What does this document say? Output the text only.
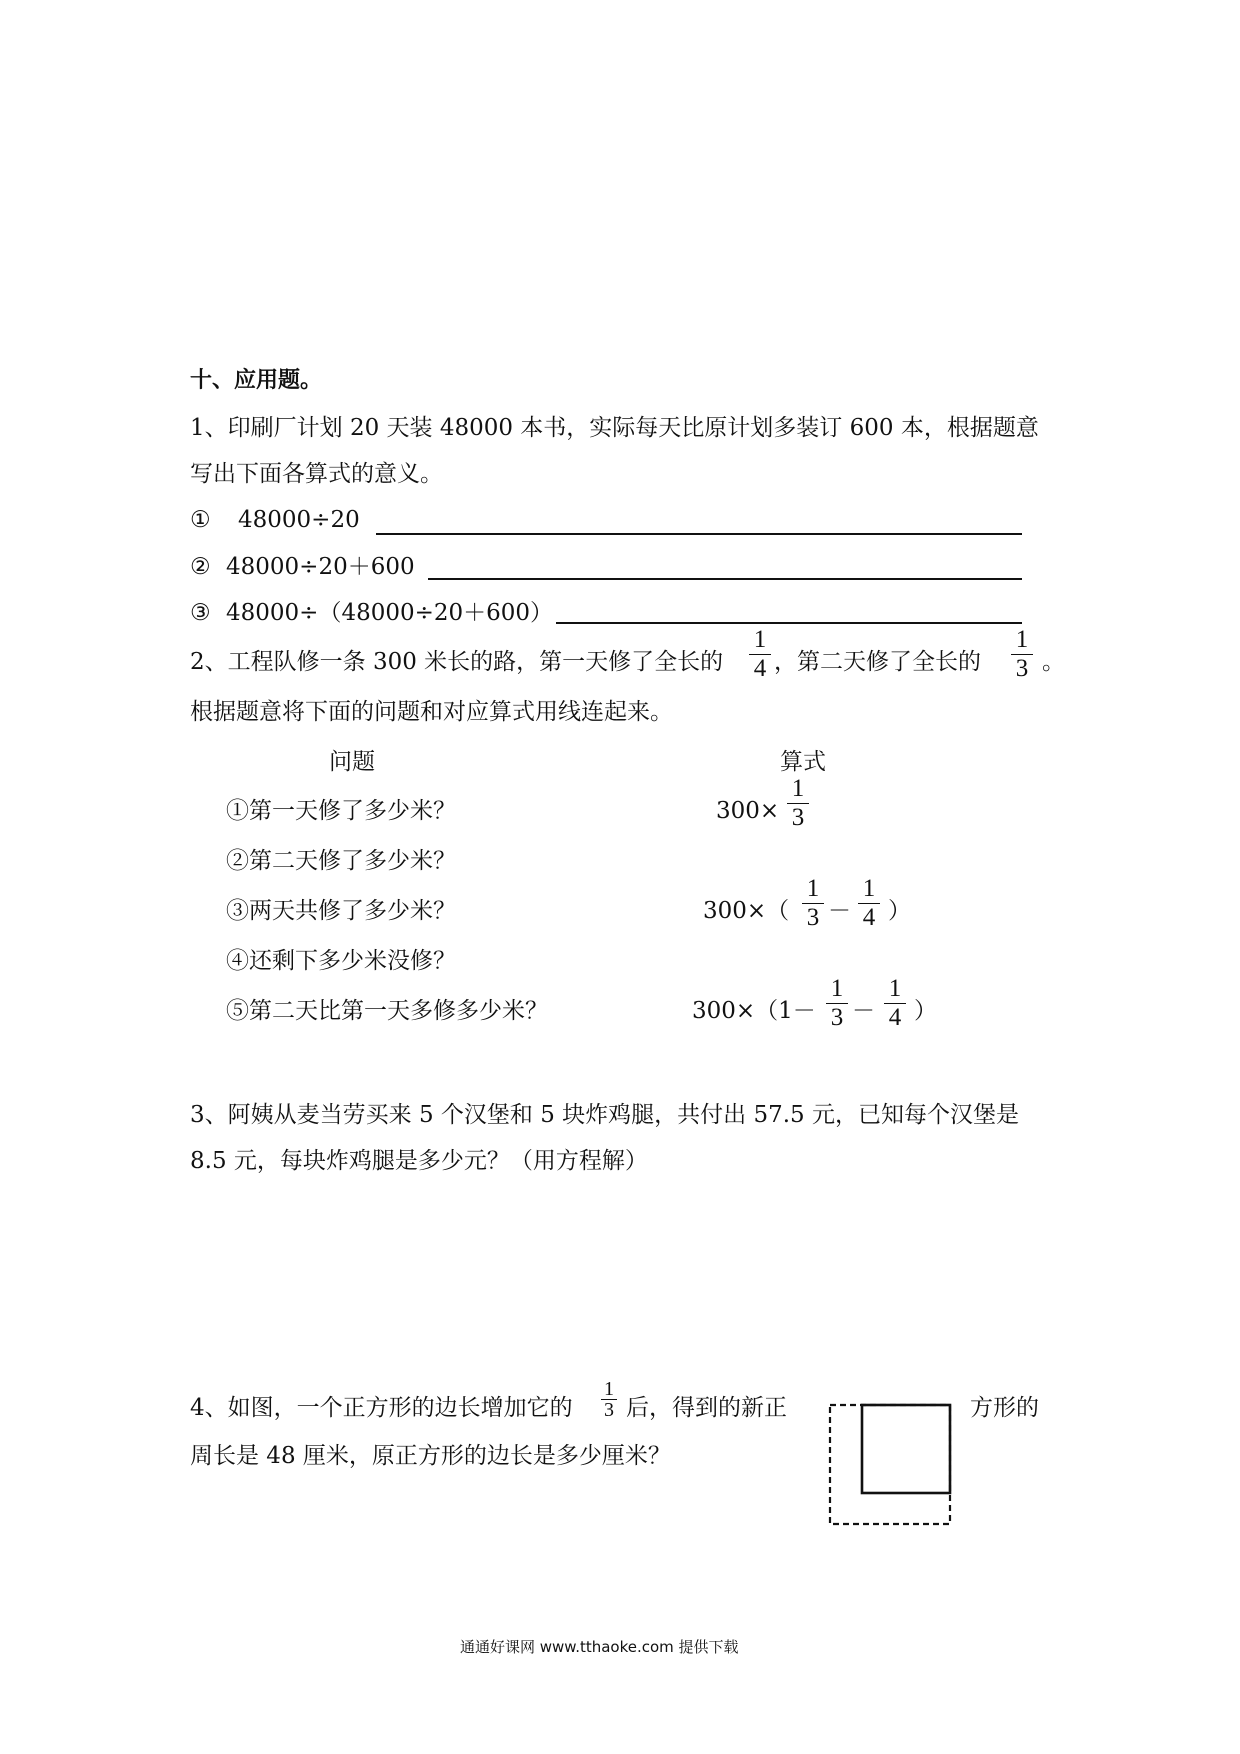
十、应用题。
1、印刷厂计划 20 天装 48000 本书，实际每天比原计划多装订 600 本，根据题意
写出下面各算式的意义。
① 48000÷20
② 48000÷20＋600
③ 48000÷（48000÷20＋600）
2、工程队修一条 300 米长的路，第一天修了全长的
1
4 ，第二天修了全长的
1
3 。
根据题意将下面的问题和对应算式用线连起来。
问题	算式
①第一天修了多少米？
②第二天修了多少米？
③两天共修了多少米？
④还剩下多少米没修？
⑤第二天比第一天多修多少米？
300×
1
3
300×（
1
3 －
1
4 ）
300×（1－
1
3 －
1
4 ）
3、阿姨从麦当劳买来 5 个汉堡和 5 块炸鸡腿，共付出 57.5 元，已知每个汉堡是
8.5 元，每块炸鸡腿是多少元？（用方程解）
4、如图，一个正方形的边长增加它的
1
3 后，得到的新正	方形的
周长是 48 厘米，原正方形的边长是多少厘米？
通通好课网 www.tthaoke.com 提供下载
